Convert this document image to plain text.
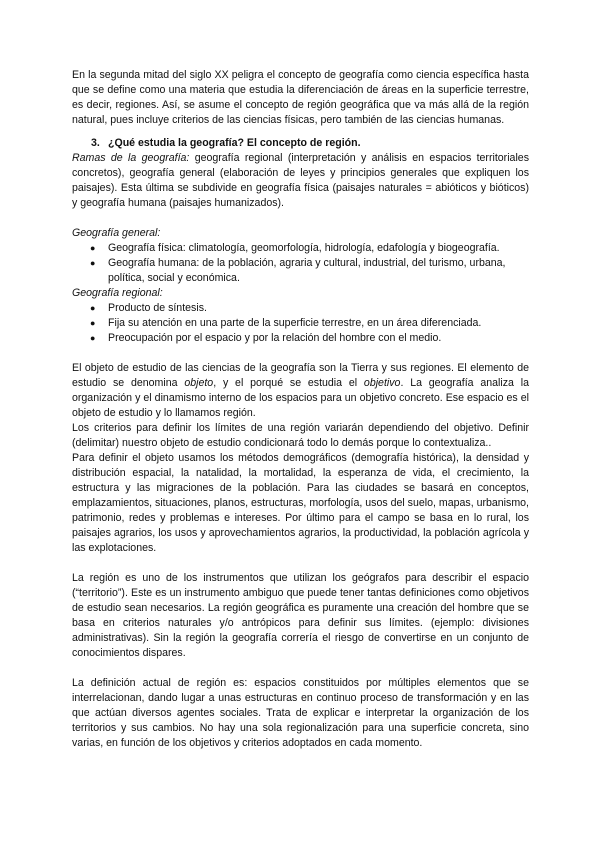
En la segunda mitad del siglo XX peligra el concepto de geografía como ciencia específica hasta que se define como una materia que estudia la diferenciación de áreas en la superficie terrestre, es decir, regiones. Así, se asume el concepto de región geográfica que va más allá de la región natural, pues incluye criterios de las ciencias físicas, pero también de las ciencias humanas.

3. ¿Qué estudia la geografía? El concepto de región.

Ramas de la geografía: geografía regional (interpretación y análisis en espacios territoriales concretos), geografía general (elaboración de leyes y principios generales que expliquen los paisajes). Esta última se subdivide en geografía física (paisajes naturales = abióticos y bióticos) y geografía humana (paisajes humanizados).

Geografía general:

● Geografía física: climatología, geomorfología, hidrología, edafología y biogeografía.
● Geografía humana: de la población, agraria y cultural, industrial, del turismo, urbana, política, social y económica.

Geografía regional:

● Producto de síntesis.
● Fija su atención en una parte de la superficie terrestre, en un área diferenciada.
● Preocupación por el espacio y por la relación del hombre con el medio.

El objeto de estudio de las ciencias de la geografía son la Tierra y sus regiones. El elemento de estudio se denomina objeto, y el porqué se estudia el objetivo. La geografía analiza la organización y el dinamismo interno de los espacios para un objetivo concreto. Ese espacio es el objeto de estudio y lo llamamos región.

Los criterios para definir los límites de una región variarán dependiendo del objetivo. Definir (delimitar) nuestro objeto de estudio condicionará todo lo demás porque lo contextualiza..

Para definir el objeto usamos los métodos demográficos (demografía histórica), la densidad y distribución espacial, la natalidad, la mortalidad, la esperanza de vida, el crecimiento, la estructura y las migraciones de la población. Para las ciudades se basará en conceptos, emplazamientos, situaciones, planos, estructuras, morfología, usos del suelo, mapas, urbanismo, patrimonio, redes y problemas e intereses. Por último para el campo se basa en lo rural, los paisajes agrarios, los usos y aprovechamientos agrarios, la productividad, la población agrícola y las explotaciones.

La región es uno de los instrumentos que utilizan los geógrafos para describir el espacio (“territorio”). Este es un instrumento ambiguo que puede tener tantas definiciones como objetivos de estudio sean necesarios. La región geográfica es puramente una creación del hombre que se basa en criterios naturales y/o antrópicos para definir sus límites. (ejemplo: divisiones administrativas). Sin la región la geografía correría el riesgo de convertirse en un conjunto de conocimientos dispares.

La definición actual de región es: espacios constituidos por múltiples elementos que se interrelacionan, dando lugar a unas estructuras en continuo proceso de transformación y en las que actúan diversos agentes sociales. Trata de explicar e interpretar la organización de los territorios y sus cambios. No hay una sola regionalización para una superficie concreta, sino varias, en función de los objetivos y criterios adoptados en cada momento.
